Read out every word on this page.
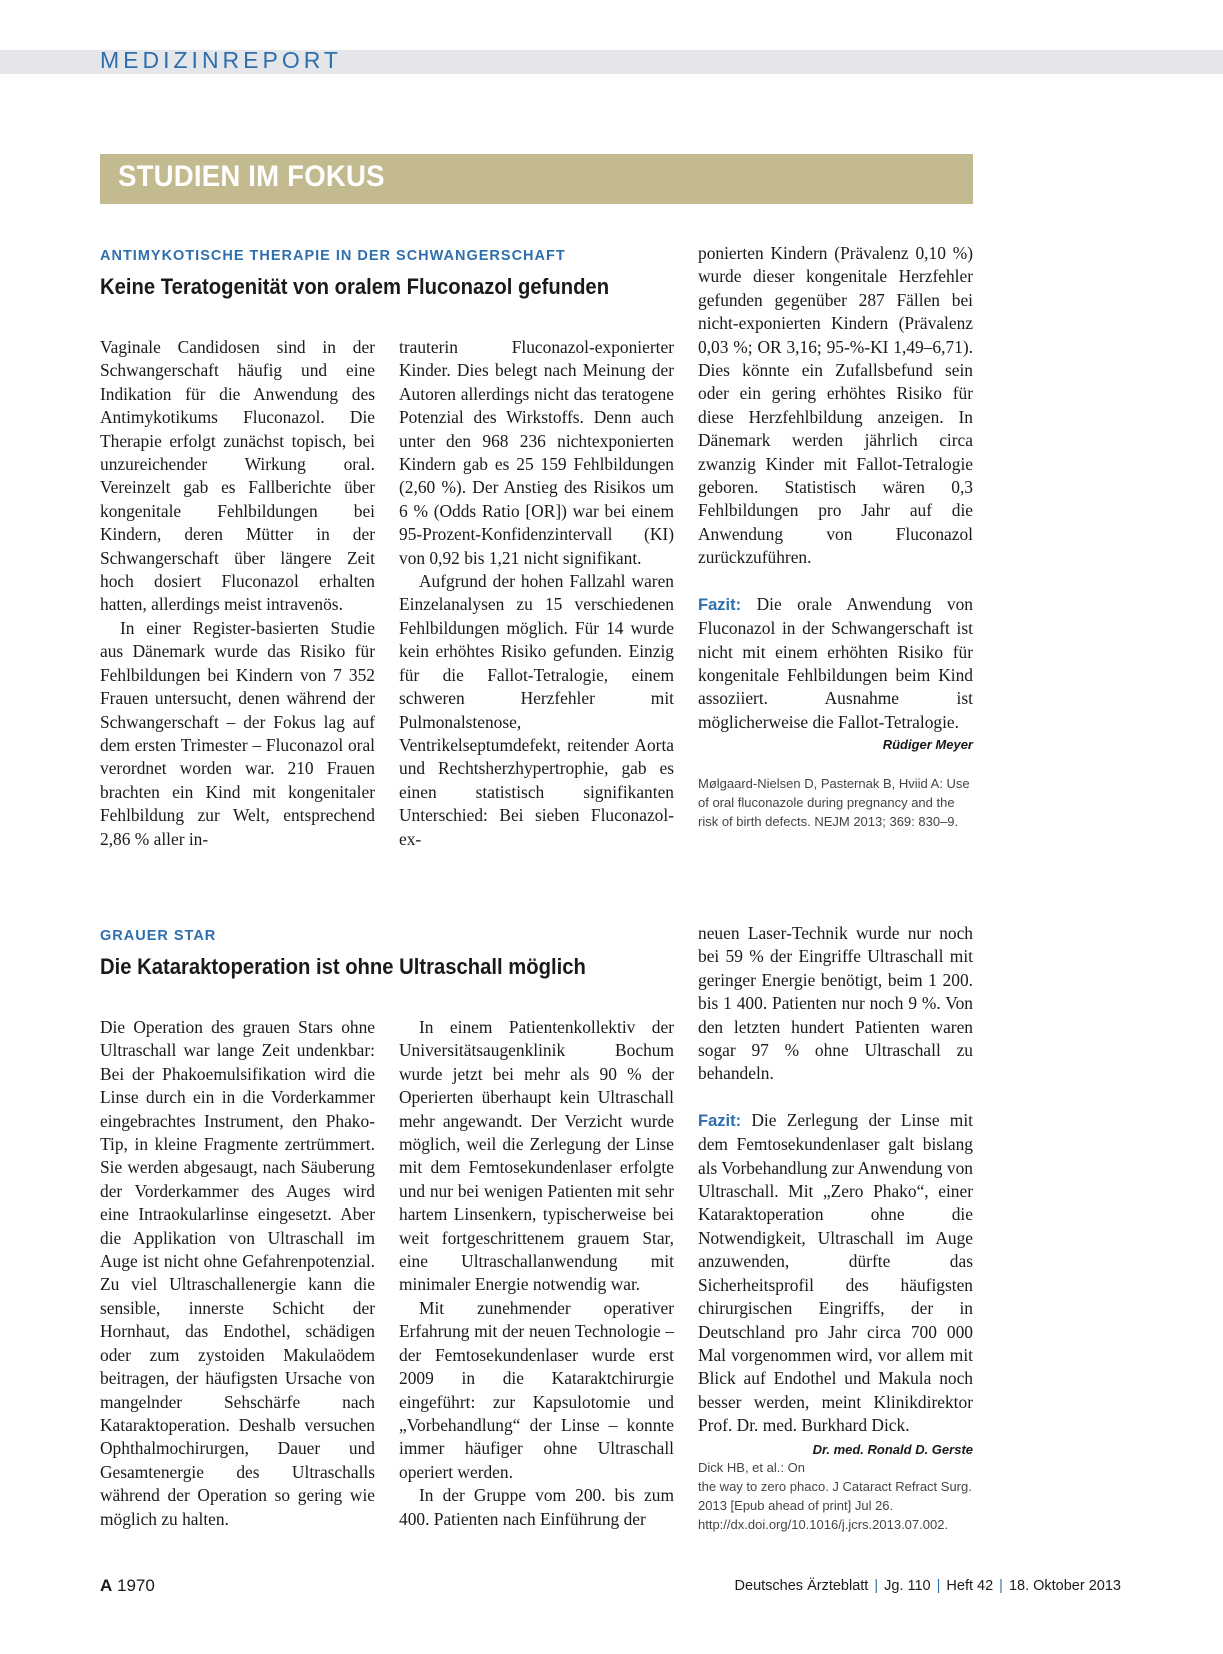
MEDIZINREPORT
STUDIEN IM FOKUS
ANTIMYKOTISCHE THERAPIE IN DER SCHWANGERSCHAFT
Keine Teratogenität von oralem Fluconazol gefunden

Vaginale Candidosen sind in der Schwangerschaft häufig und eine Indikation für die Anwendung des Antimykotikums Fluconazol. Die Therapie erfolgt zunächst topisch, bei unzureichender Wirkung oral. Vereinzelt gab es Fallberichte über kongenitale Fehlbildungen bei Kindern, deren Mütter in der Schwangerschaft über längere Zeit hoch dosiert Fluconazol erhalten hatten, allerdings meist intravenös.

In einer Register-basierten Studie aus Dänemark wurde das Risiko für Fehlbildungen bei Kindern von 7 352 Frauen untersucht, denen während der Schwangerschaft – der Fokus lag auf dem ersten Trimester – Fluconazol oral verordnet worden war. 210 Frauen brachten ein Kind mit kongenitaler Fehlbildung zur Welt, entsprechend 2,86 % aller in-

trauterin Fluconazol-exponierter Kinder. Dies belegt nach Meinung der Autoren allerdings nicht das teratogene Potenzial des Wirkstoffs. Denn auch unter den 968 236 nichtexponierten Kindern gab es 25 159 Fehlbildungen (2,60 %). Der Anstieg des Risikos um 6 % (Odds Ratio [OR]) war bei einem 95-Prozent-Konfidenzintervall (KI) von 0,92 bis 1,21 nicht signifikant.

Aufgrund der hohen Fallzahl waren Einzelanalysen zu 15 verschiedenen Fehlbildungen möglich. Für 14 wurde kein erhöhtes Risiko gefunden. Einzig für die Fallot-Tetralogie, einem schweren Herzfehler mit Pulmonalstenose, Ventrikelseptumdefekt, reitender Aorta und Rechtsherzhypertrophie, gab es einen statistisch signifikanten Unterschied: Bei sieben Fluconazol-ex-

ponierten Kindern (Prävalenz 0,10 %) wurde dieser kongenitale Herzfehler gefunden gegenüber 287 Fällen bei nicht-exponierten Kindern (Prävalenz 0,03 %; OR 3,16; 95-%-KI 1,49–6,71). Dies könnte ein Zufallsbefund sein oder ein gering erhöhtes Risiko für diese Herzfehlbildung anzeigen. In Dänemark werden jährlich circa zwanzig Kinder mit Fallot-Tetralogie geboren. Statistisch wären 0,3 Fehlbildungen pro Jahr auf die Anwendung von Fluconazol zurückzuführen.

Fazit: Die orale Anwendung von Fluconazol in der Schwangerschaft ist nicht mit einem erhöhten Risiko für kongenitale Fehlbildungen beim Kind assoziiert. Ausnahme ist möglicherweise die Fallot-Tetralogie.

Rüdiger Meyer
Mølgaard-Nielsen D, Pasternak B, Hviid A: Use of oral fluconazole during pregnancy and the risk of birth defects. NEJM 2013; 369: 830–9.
GRAUER STAR
Die Kataraktoperation ist ohne Ultraschall möglich

Die Operation des grauen Stars ohne Ultraschall war lange Zeit undenkbar: Bei der Phakoemulsifikation wird die Linse durch ein in die Vorderkammer eingebrachtes Instrument, den Phako-Tip, in kleine Fragmente zertrümmert. Sie werden abgesaugt, nach Säuberung der Vorderkammer des Auges wird eine Intraokularlinse eingesetzt. Aber die Applikation von Ultraschall im Auge ist nicht ohne Gefahrenpotenzial. Zu viel Ultraschallenergie kann die sensible, innerste Schicht der Hornhaut, das Endothel, schädigen oder zum zystoiden Makulaödem beitragen, der häufigsten Ursache von mangelnder Sehschärfe nach Kataraktoperation. Deshalb versuchen Ophthalmochirurgen, Dauer und Gesamtenergie des Ultraschalls während der Operation so gering wie möglich zu halten.

In einem Patientenkollektiv der Universitätsaugenklinik Bochum wurde jetzt bei mehr als 90 % der Operierten überhaupt kein Ultraschall mehr angewandt. Der Verzicht wurde möglich, weil die Zerlegung der Linse mit dem Femtosekundenlaser erfolgte und nur bei wenigen Patienten mit sehr hartem Linsenkern, typischerweise bei weit fortgeschrittenem grauem Star, eine Ultraschallanwendung mit minimaler Energie notwendig war.

Mit zunehmender operativer Erfahrung mit der neuen Technologie – der Femtosekundenlaser wurde erst 2009 in die Kataraktchirurgie eingeführt: zur Kapsulotomie und „Vorbehandlung“ der Linse – konnte immer häufiger ohne Ultraschall operiert werden.

In der Gruppe vom 200. bis zum 400. Patienten nach Einführung der

neuen Laser-Technik wurde nur noch bei 59 % der Eingriffe Ultraschall mit geringer Energie benötigt, beim 1 200. bis 1 400. Patienten nur noch 9 %. Von den letzten hundert Patienten waren sogar 97 % ohne Ultraschall zu behandeln.

Fazit: Die Zerlegung der Linse mit dem Femtosekundenlaser galt bislang als Vorbehandlung zur Anwendung von Ultraschall. Mit „Zero Phako“, einer Kataraktoperation ohne die Notwendigkeit, Ultraschall im Auge anzuwenden, dürfte das Sicherheitsprofil des häufigsten chirurgischen Eingriffs, der in Deutschland pro Jahr circa 700 000 Mal vorgenommen wird, vor allem mit Blick auf Endothel und Makula noch besser werden, meint Klinikdirektor Prof. Dr. med. Burkhard Dick.
Dr. med. Ronald D. Gerste

Dick HB, et al.: On the way to zero phaco. J Cataract Refract Surg. 2013 [Epub ahead of print] Jul 26. http://dx.doi.org/10.1016/j.jcrs.2013.07.002.
A 1970	Deutsches Ärzteblatt | Jg. 110 | Heft 42 | 18. Oktober 2013
